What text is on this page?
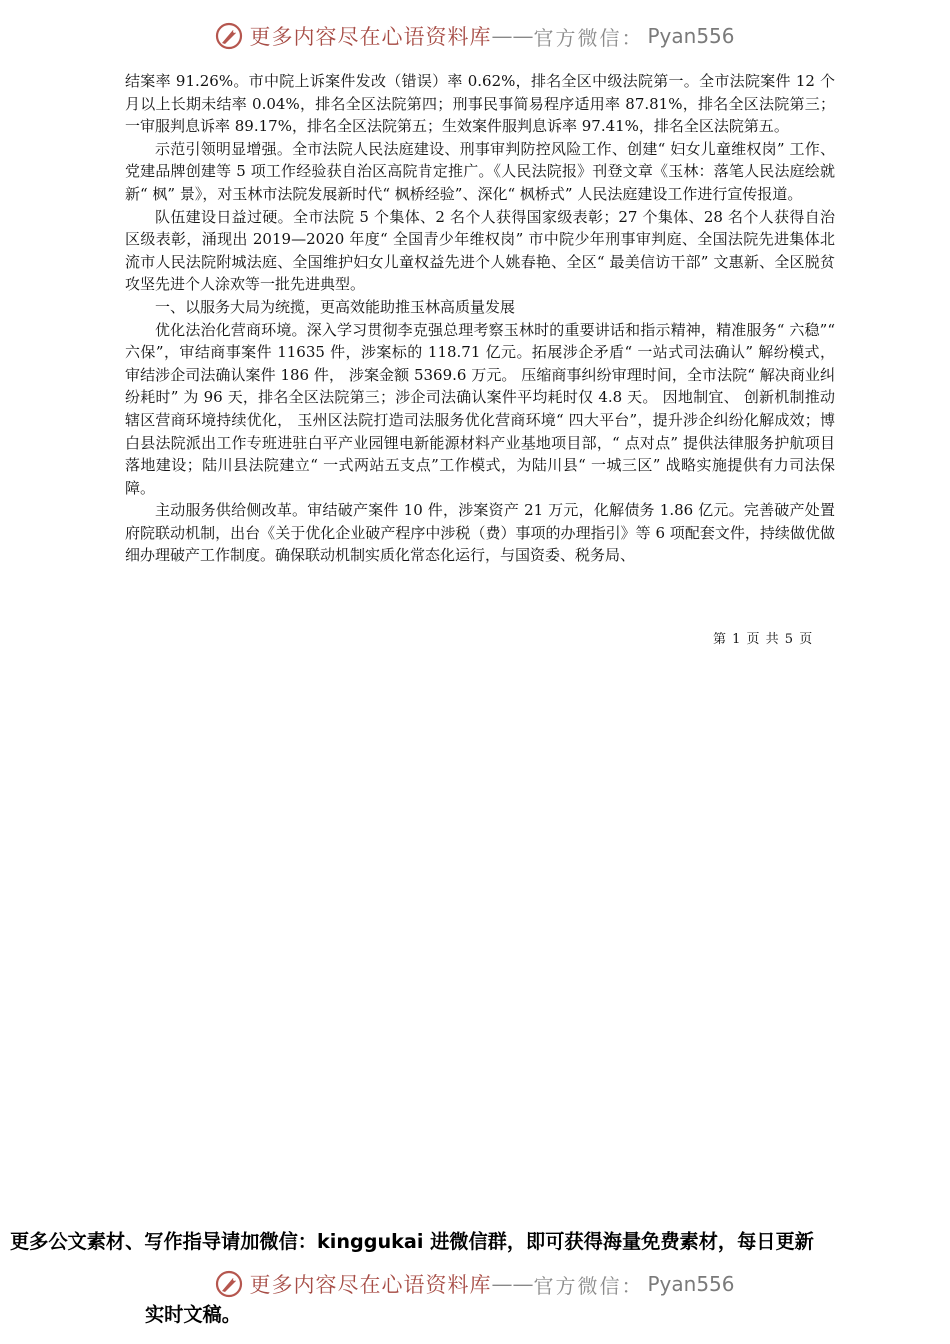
更多内容尽在心语资料库 —— 官方微信： Pyan556

结案率 91.26%。市中院上诉案件发改（错误）率 0.62%，排名全区中级法院第一。全市法院案件 12 个月以上长期未结率 0.04%，排名全区法院第四；刑事民事简易程序适用率 87.81%，排名全区法院第三；一审服判息诉率 89.17%，排名全区法院第五；生效案件服判息诉率 97.41%，排名全区法院第五。

示范引领明显增强。全市法院人民法庭建设、刑事审判防控风险工作、创建“ 妇女儿童维权岗” 工作、党建品牌创建等 5 项工作经验获自治区高院肯定推广。《人民法院报》刊登文章《玉林：落笔人民法庭绘就新“ 枫” 景》，对玉林市法院发展新时代“ 枫桥经验”、深化“ 枫桥式” 人民法庭建设工作进行宣传报道。

队伍建设日益过硬。全市法院 5 个集体、2 名个人获得国家级表彰；27 个集体、28 名个人获得自治区级表彰，涌现出 2019—2020 年度“ 全国青少年维权岗” 市中院少年刑事审判庭、全国法院先进集体北流市人民法院附城法庭、全国维护妇女儿童权益先进个人姚春艳、全区“ 最美信访干部” 文惠新、全区脱贫攻坚先进个人涂欢等一批先进典型。

一、以服务大局为统揽，更高效能助推玉林高质量发展

优化法治化营商环境。深入学习贯彻李克强总理考察玉林时的重要讲话和指示精神，精准服务“ 六稳”“ 六保”，审结商事案件 11635 件，涉案标的 118.71 亿元。拓展涉企矛盾“ 一站式司法确认” 解纷模式， 审结涉企司法确认案件 186 件， 涉案金额 5369.6 万元。 压缩商事纠纷审理时间，全市法院“ 解决商业纠纷耗时” 为 96 天，排名全区法院第三；涉企司法确认案件平均耗时仅 4.8 天。 因地制宜、 创新机制推动辖区营商环境持续优化， 玉州区法院打造司法服务优化营商环境“ 四大平台”，提升涉企纠纷化解成效；博白县法院派出工作专班进驻白平产业园锂电新能源材料产业基地项目部，“ 点对点” 提供法律服务护航项目落地建设；陆川县法院建立“ 一式两站五支点”工作模式，为陆川县“ 一城三区” 战略实施提供有力司法保障。

主动服务供给侧改革。审结破产案件 10 件，涉案资产 21 万元，化解债务 1.86 亿元。完善破产处置府院联动机制，出台《关于优化企业破产程序中涉税（费）事项的办理指引》等 6 项配套文件，持续做优做细办理破产工作制度。确保联动机制实质化常态化运行，与国资委、税务局、

第 1 页 共 5 页
更多公文素材、写作指导请加微信：kinggukai 进微信群，即可获得海量免费素材，每日更新
更多内容尽在心语资料库 —— 官方微信： Pyan556
实时文稿。
